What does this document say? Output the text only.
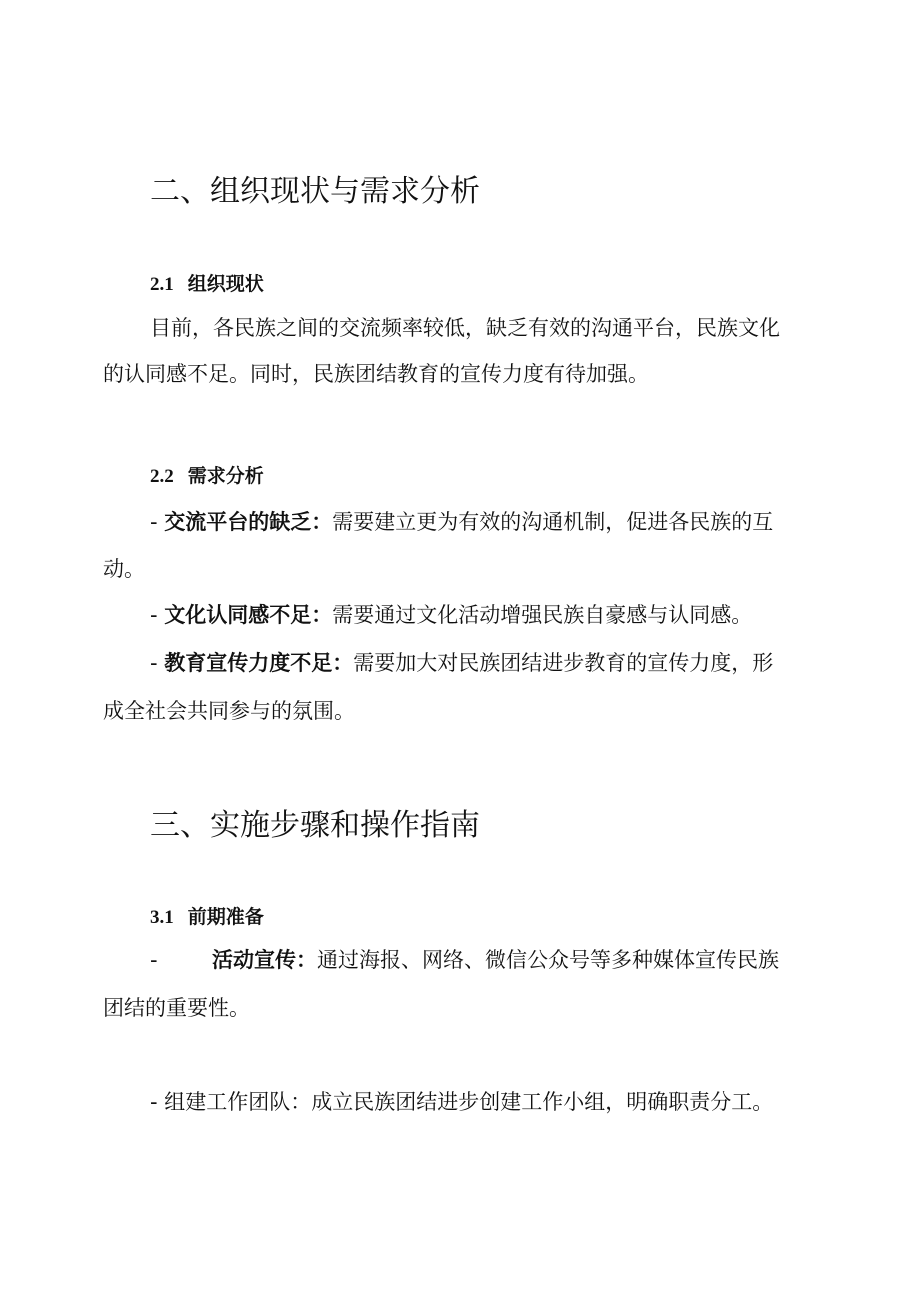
二、组织现状与需求分析
2.1 组织现状
目前，各民族之间的交流频率较低，缺乏有效的沟通平台，民族文化
的认同感不足。同时，民族团结教育的宣传力度有待加强。
2.2 需求分析
- 交流平台的缺乏：需要建立更为有效的沟通机制，促进各民族的互
动。
- 文化认同感不足：需要通过文化活动增强民族自豪感与认同感。
- 教育宣传力度不足：需要加大对民族团结进步教育的宣传力度，形
成全社会共同参与的氛围。
三、实施步骤和操作指南
3.1 前期准备
-	活动宣传：通过海报、网络、微信公众号等多种媒体宣传民族
团结的重要性。
- 组建工作团队：成立民族团结进步创建工作小组，明确职责分工。
